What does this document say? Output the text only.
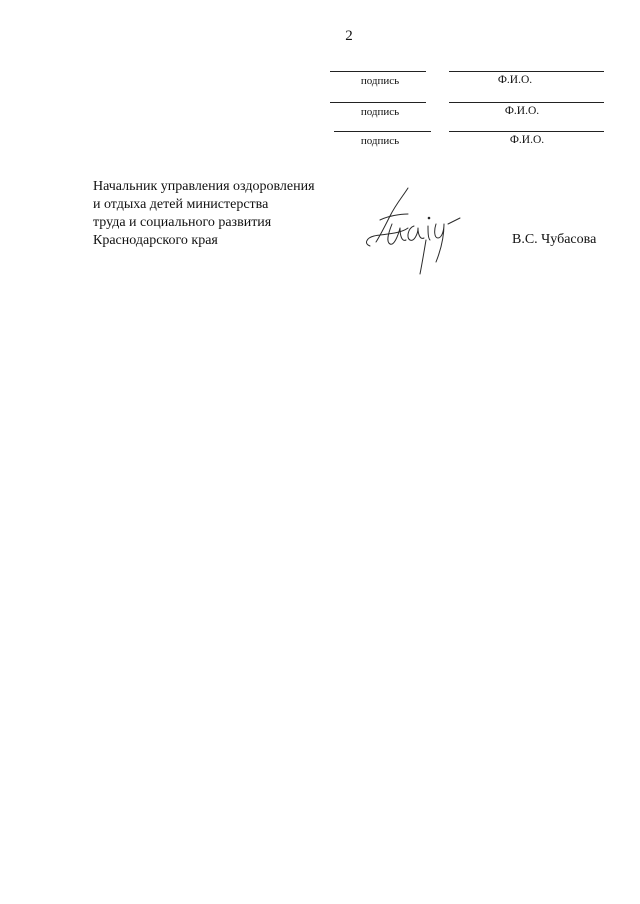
2
подпись	Ф.И.О.
подпись	Ф.И.О.
подпись	Ф.И.О.
Начальник управления оздоровления
и отдыха детей министерства
труда и социального развития
Краснодарского края	В.С. Чубасова
